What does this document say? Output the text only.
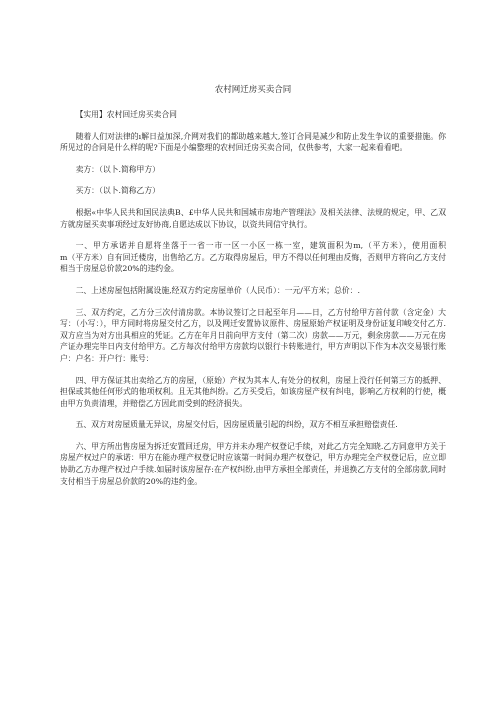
农村网迁房买卖合同

【实用】农村回迁房买卖合同

随着人们对法律的ı解日益加深,介网对我们的都助越来越大,签订合同是减少和防止发生争议的重要措施。你所见过的合同是什么样的呢?下面是小编整理的农村回迁房买卖合同，仅供参考，大家一起来看看吧。

卖方：（以卜.简称甲方）

买方：（以卜.简称乙方）

根据«中华人民共和国民法典В、£中华人民共和国城市房地产管理法》及相关法律、法规的规定，甲、乙双方就房屋买卖事项经过友好协商,自愿达成以下协议，以资共同信守执行。

一、甲方承诺并自愿将坐落于一省一市一区一小区一栋一室，建筑面积为m,（平方米），使用面积　　　　　　m（平方米）自有回迁楼房，出售给乙方。乙方取得房屋后，甲方不得以任何理由反悔，否则甲方将向乙方支付相当于房屋总价款20%的违约金。

二、上述房屋包括附属设施,经双方约定房屋单价（人民币）：一元/平方米；总价：.

三、双方约定，乙方分三次付清房款。本协议签订之日起至年月——日，乙方付给甲方首付款（含定金）大写：（小写：），甲方同时将房屋交付乙方，以及网迁安置协议原件、房屋原始产权证明及身份证复印峻交付乙方.双方应当为对方出具相应的凭证。乙方在年月日前向甲方支付（第二次）房款——万元，剩余房款——万元在房产证办理完毕日内支付给甲方。乙方每次付给甲方房款均以银行卡转账进行，甲方声明以下作为本次交易银行账户：户名：开户行：账号：

四、甲方保证其出卖给乙方的房屋，（原始）产权为其本人,有处分的权利，房屋上没行任何第三方的抵押、担保或其他任何形式的他项权利。且无其他纠纷。乙方买受后，如该房屋产权有纠电，影响乙方权利的行使，概由甲方负责清理，并赔偿乙方因此而受到的经济损失。

五、双方对房屋质量无异议，房屋交付后，因房屋质量引起的纠纷，双方不相互承担赔偿责任.

六、甲方所出售房屋为拆迁安置回迁房，甲方并未办理产权登记手续，对此乙方完全知晓.乙方同意甲方关于房屋产权过户的承诺：甲方在能办理产权登记时应该第一时间办理产权登记，甲方办理完全产权登记后，应立即协助乙方办理产权过户手续.如届时该房屋存:在产权纠纷,由甲方承担全部责任，并退换乙方支付的全部房款,同时支付相当于房屋总价款的20%的违约金。
